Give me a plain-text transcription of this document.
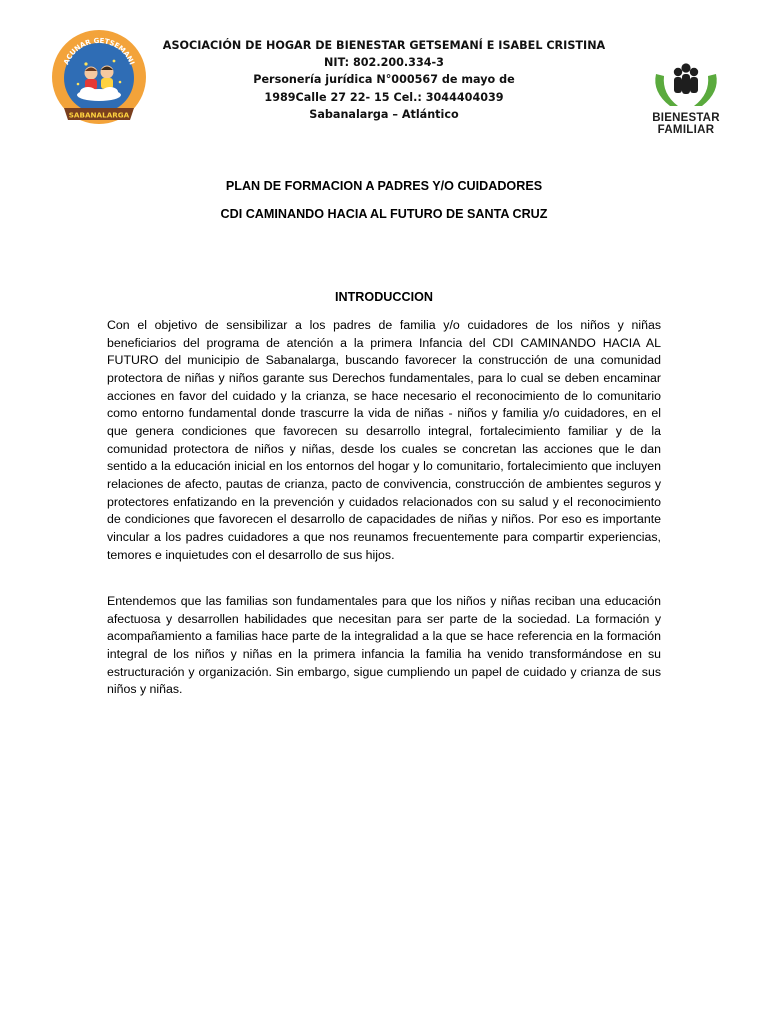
ACUNAR GETSEMANI
SABANALARGA
ASOCIACIÓN DE HOGAR DE BIENESTAR GETSEMANÍ E ISABEL CRISTINA
NIT: 802.200.334-3
Personería jurídica N°000567 de mayo de
1989Calle 27 22- 15 Cel.: 3044404039
Sabanalarga – Atlántico	BIENESTAR
FAMILIAR
PLAN DE FORMACION A PADRES Y/O CUIDADORES
CDI CAMINANDO HACIA AL FUTURO DE SANTA CRUZ
INTRODUCCION
Con el objetivo de sensibilizar a los padres de familia y/o cuidadores de los niños y niñas beneficiarios del programa de atención a la primera Infancia del CDI CAMINANDO HACIA AL FUTURO del municipio de Sabanalarga, buscando favorecer la construcción de una comunidad protectora de niñas y niños garante sus Derechos fundamentales, para lo cual se deben encaminar acciones en favor del cuidado y la crianza, se hace necesario el reconocimiento de lo comunitario como entorno fundamental donde trascurre la vida de niñas - niños y familia y/o cuidadores, en el que genera condiciones que favorecen su desarrollo integral, fortalecimiento familiar y de la comunidad protectora de niños y niñas, desde los cuales se concretan las acciones que le dan sentido a la educación inicial en los entornos del hogar y lo comunitario, fortalecimiento que incluyen relaciones de afecto, pautas de crianza, pacto de convivencia, construcción de ambientes seguros y protectores enfatizando en la prevención y cuidados relacionados con su salud y el reconocimiento de condiciones que favorecen el desarrollo de capacidades de niñas y niños. Por eso es importante vincular a los padres cuidadores a que nos reunamos frecuentemente para compartir experiencias, temores e inquietudes con el desarrollo de sus hijos.
Entendemos que las familias son fundamentales para que los niños y niñas reciban una educación afectuosa y desarrollen habilidades que necesitan para ser parte de la sociedad. La formación y acompañamiento a familias hace parte de la integralidad a la que se hace referencia en la formación integral de los niños y niñas en la primera infancia la familia ha venido transformándose en su estructuración y organización. Sin embargo, sigue cumpliendo un papel de cuidado y crianza de sus niños y niñas.
